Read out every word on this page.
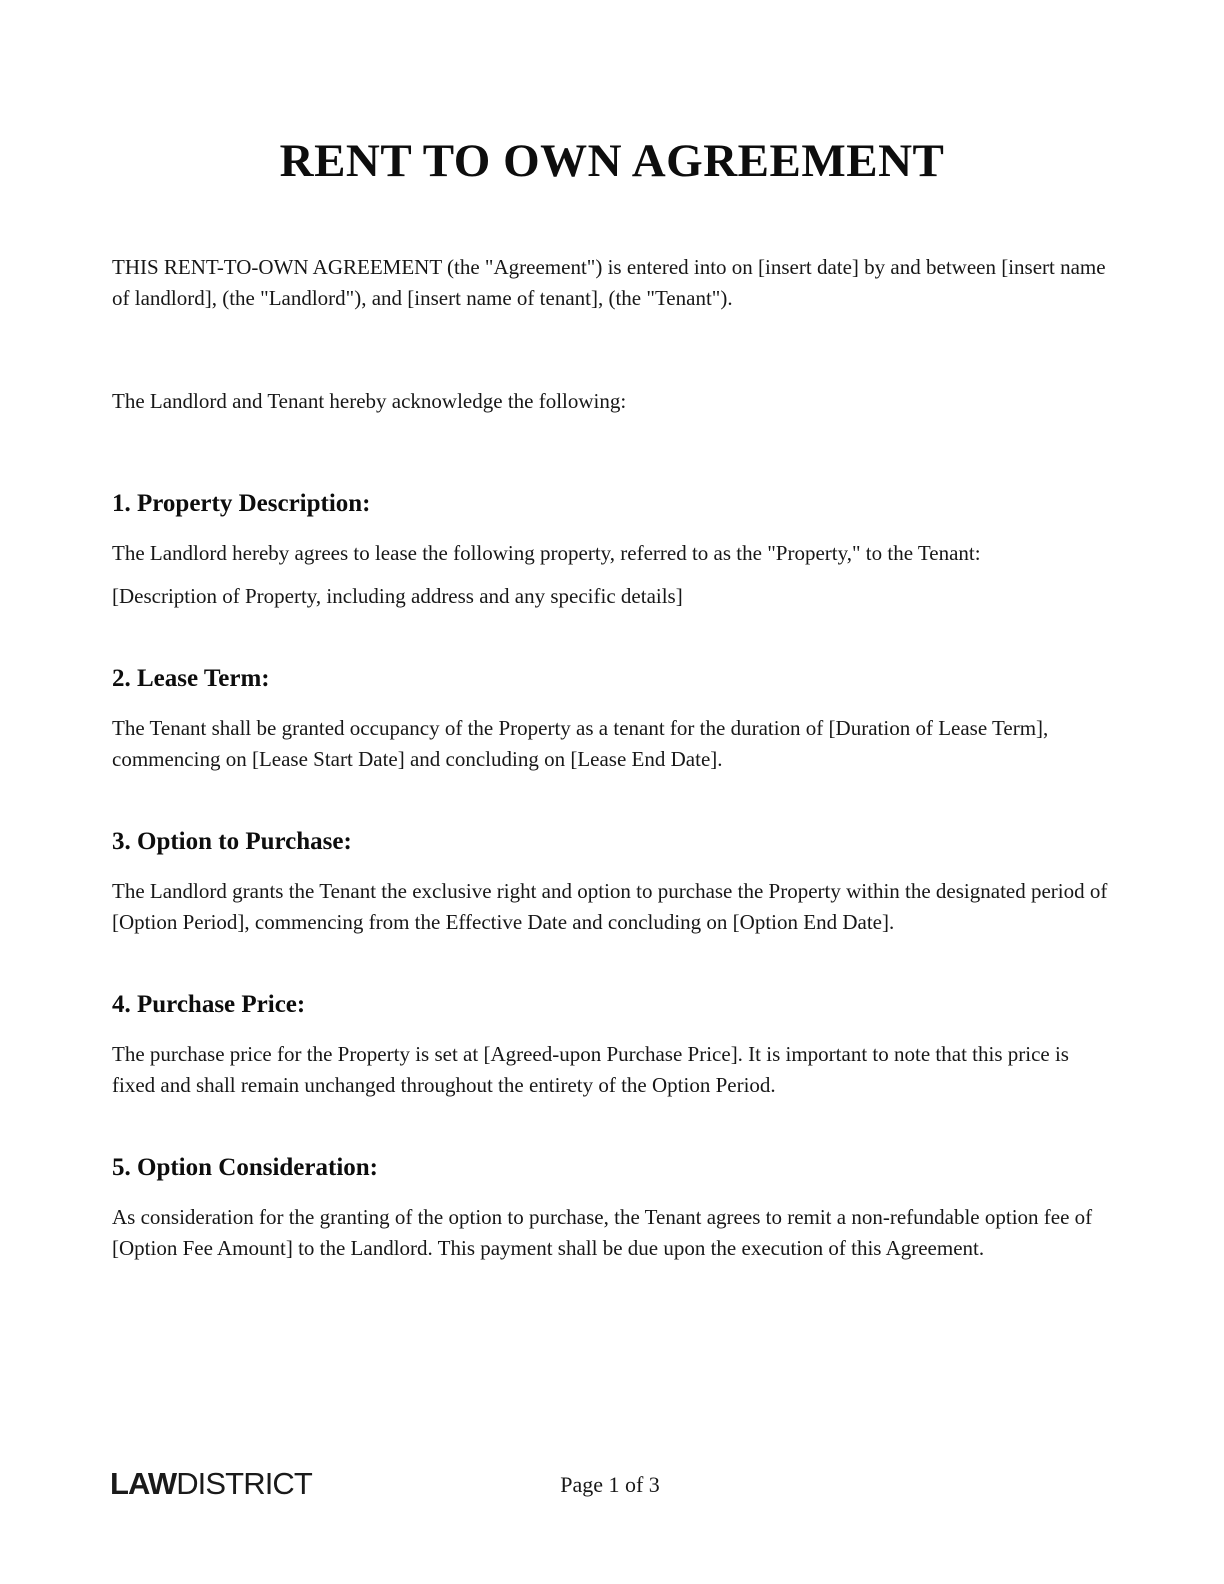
RENT TO OWN AGREEMENT

THIS RENT-TO-OWN AGREEMENT (the "Agreement") is entered into on [insert date] by and between [insert name of landlord], (the "Landlord"), and [insert name of tenant], (the "Tenant").

The Landlord and Tenant hereby acknowledge the following:

1. Property Description:

The Landlord hereby agrees to lease the following property, referred to as the "Property," to the Tenant:

[Description of Property, including address and any specific details]

2. Lease Term:

The Tenant shall be granted occupancy of the Property as a tenant for the duration of [Duration of Lease Term], commencing on [Lease Start Date] and concluding on [Lease End Date].

3. Option to Purchase:

The Landlord grants the Tenant the exclusive right and option to purchase the Property within the designated period of [Option Period], commencing from the Effective Date and concluding on [Option End Date].

4. Purchase Price:

The purchase price for the Property is set at [Agreed-upon Purchase Price]. It is important to note that this price is fixed and shall remain unchanged throughout the entirety of the Option Period.

5. Option Consideration:

As consideration for the granting of the option to purchase, the Tenant agrees to remit a non-refundable option fee of [Option Fee Amount] to the Landlord. This payment shall be due upon the execution of this Agreement.

LAWDISTRICT	Page 1 of 3
